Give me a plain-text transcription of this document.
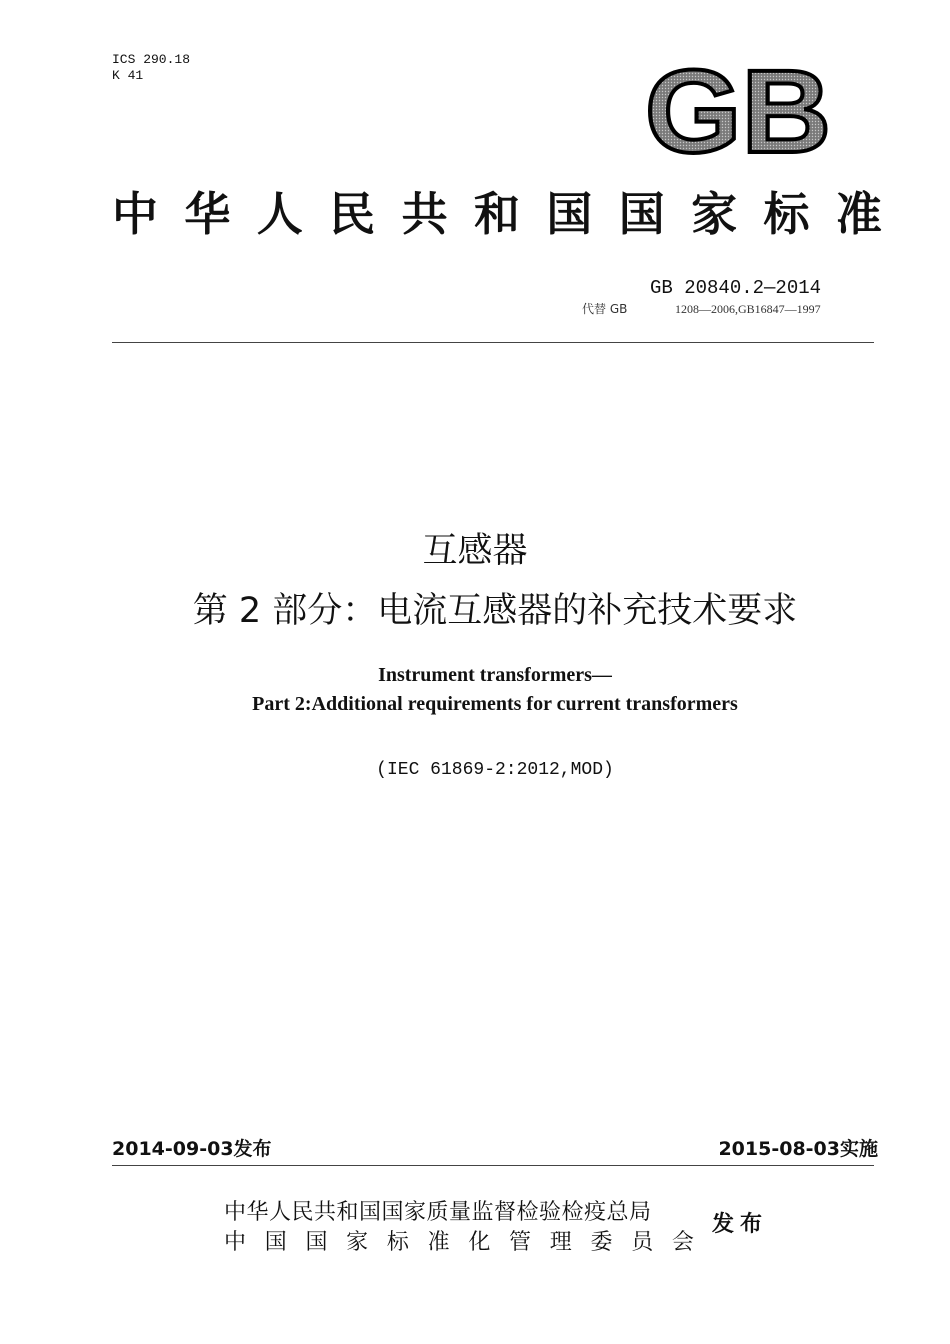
ICS 290.18
K 41	GB
中 华 人 民 共 和 国 国 家 标 准
GB 20840.2—2014
代替 GB	1208—2006,GB16847—1997
互感器
第 2 部分：电流互感器的补充技术要求
Instrument transformers—
Part 2:Additional requirements for current transformers
(IEC 61869-2:2012,MOD)
2014-09-03发布	2015-08-03实施
中华人民共和国国家质量监督检验检疫总局
中 国 国 家 标 准 化 管 理 委 员 会
发布
